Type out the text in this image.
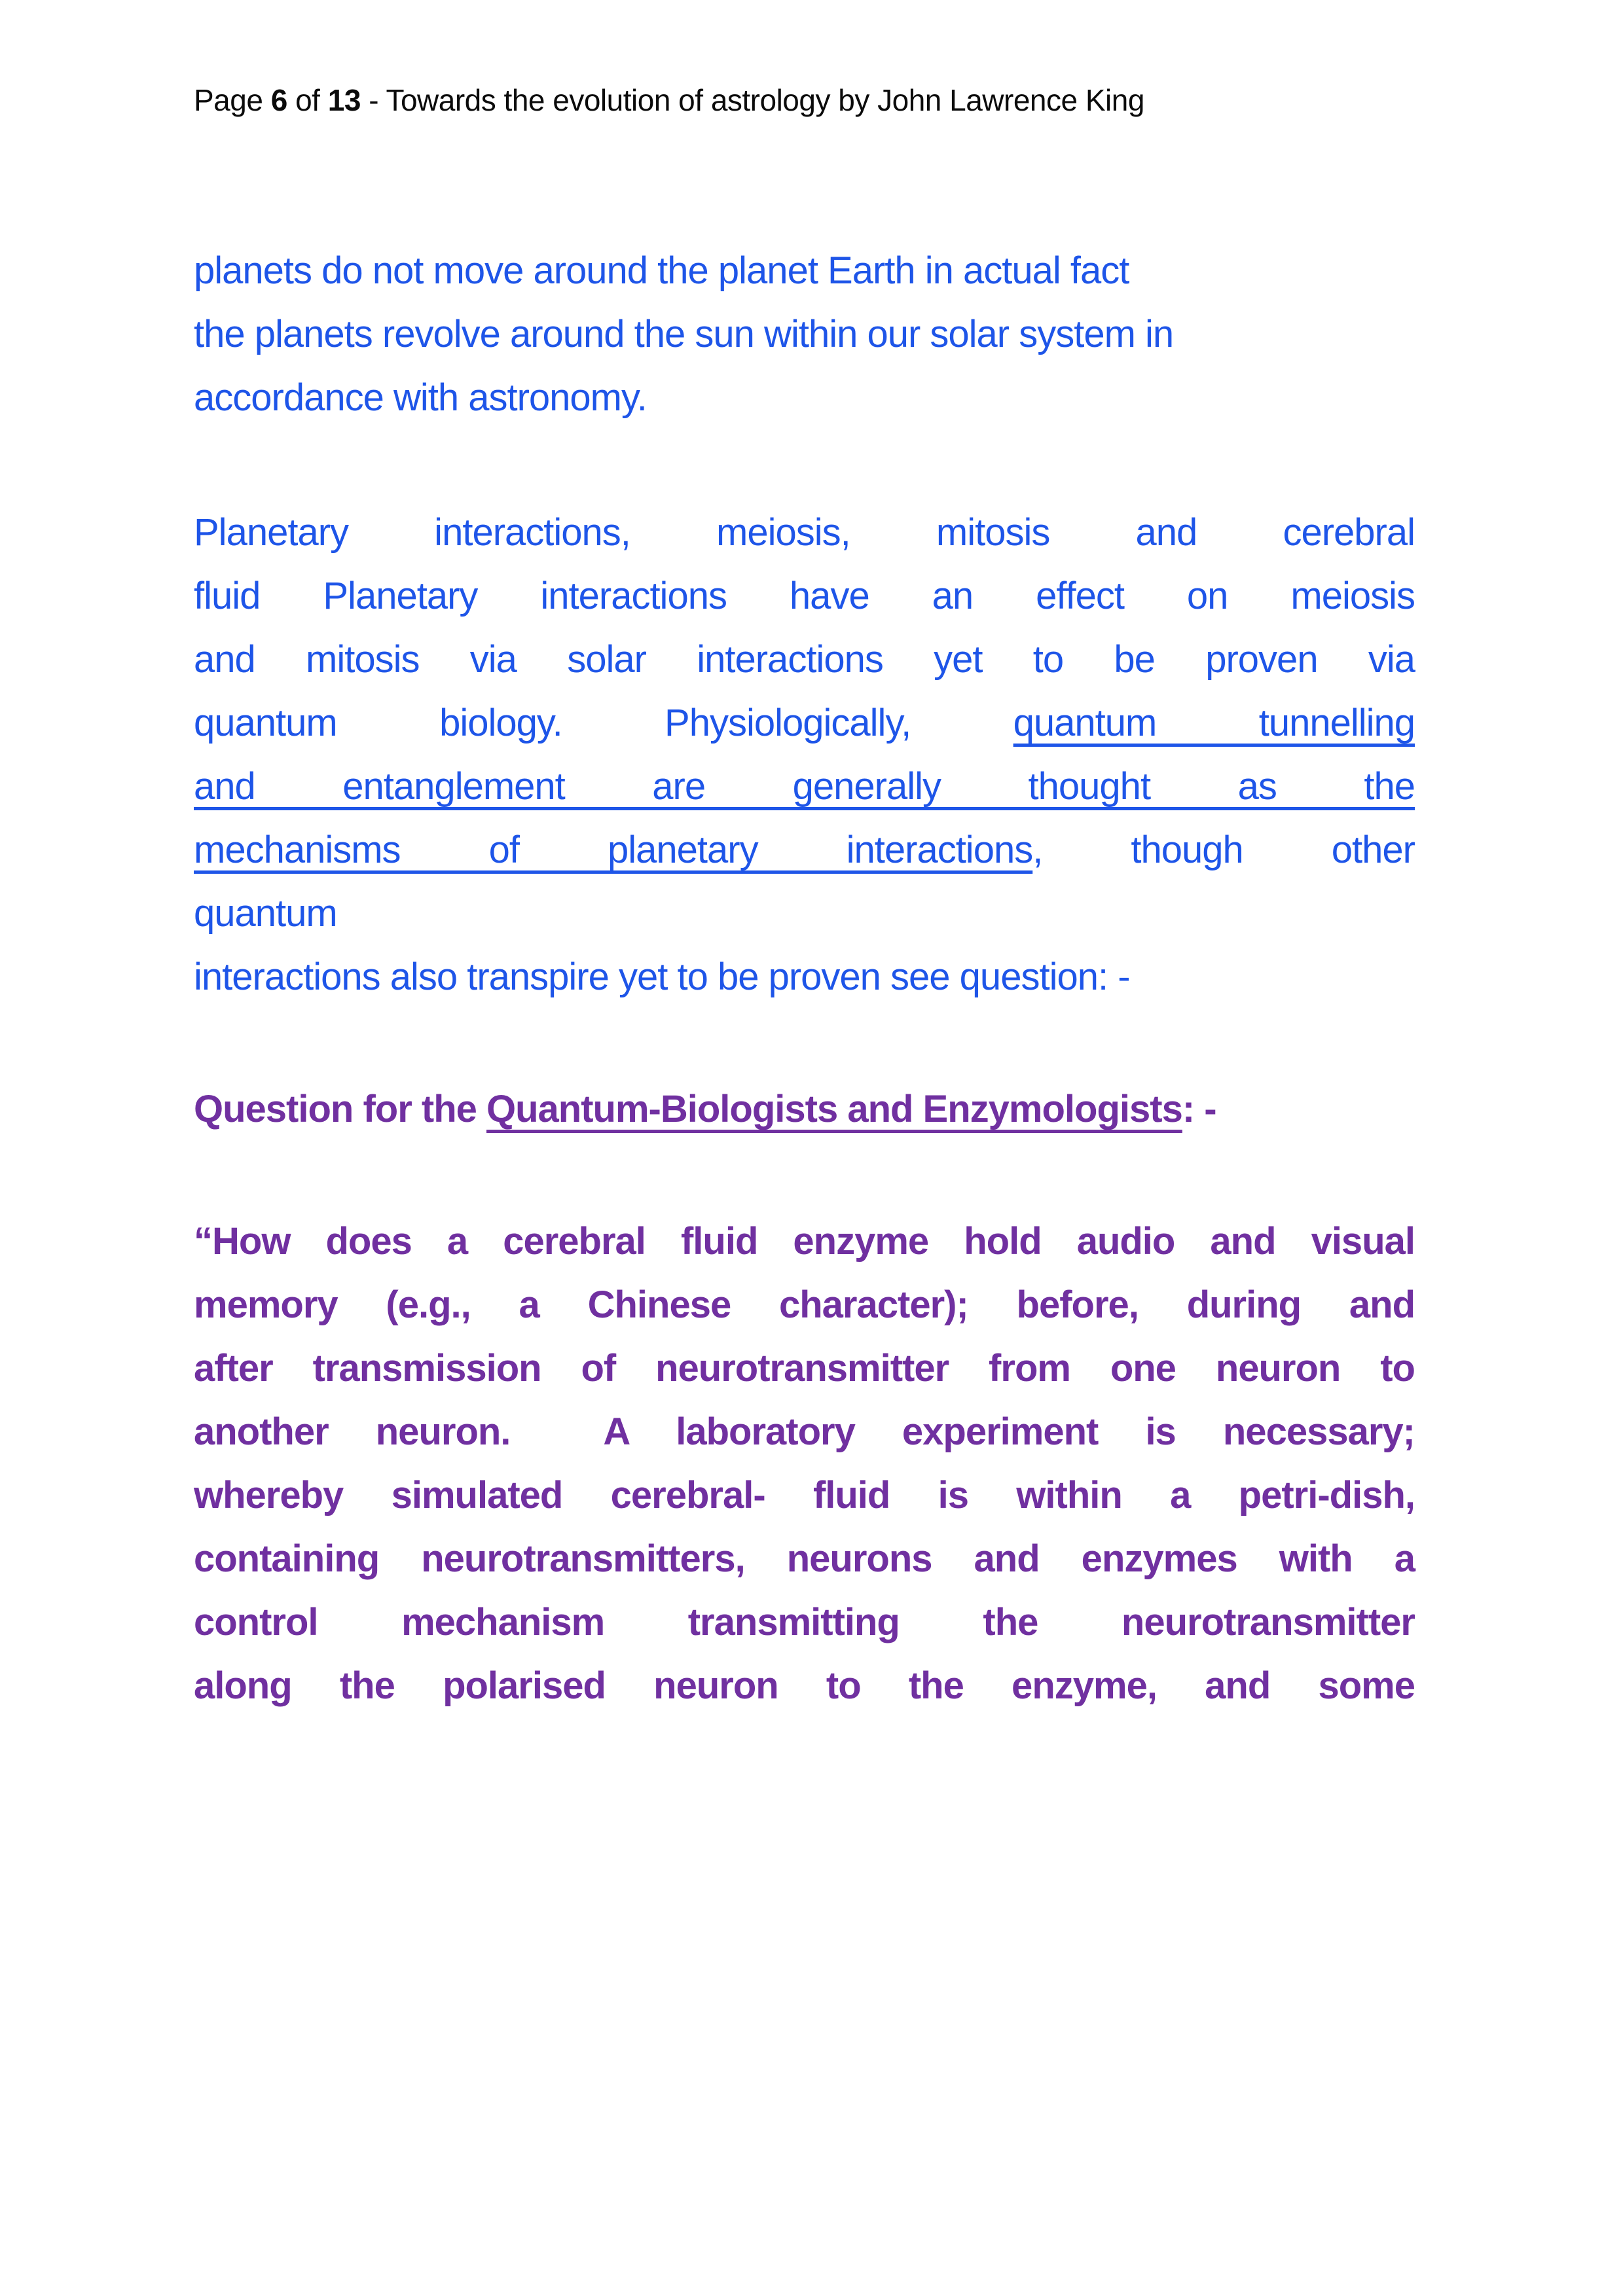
Page 6 of 13 - Towards the evolution of astrology by John Lawrence King
planets do not move around the planet Earth in actual fact
the planets revolve around the sun within our solar system in
accordance with astronomy.
Planetary interactions, meiosis, mitosis and cerebral
fluid Planetary interactions have an effect on meiosis
and mitosis via solar interactions yet to be proven via
quantum biology. Physiologically, quantum tunnelling
and entanglement are generally thought as the
mechanisms of planetary interactions, though other
quantum
interactions also transpire yet to be proven see question: -
Question for the Quantum-Biologists and Enzymologists: -
“How does a cerebral fluid enzyme hold audio and visual
memory (e.g., a Chinese character); before, during and
after transmission of neurotransmitter from one neuron to
another neuron.  A laboratory experiment is necessary;
whereby simulated cerebral- fluid is within a petri-dish,
containing neurotransmitters, neurons and enzymes with a
control mechanism transmitting the neurotransmitter
along the polarised neuron to the enzyme, and some
